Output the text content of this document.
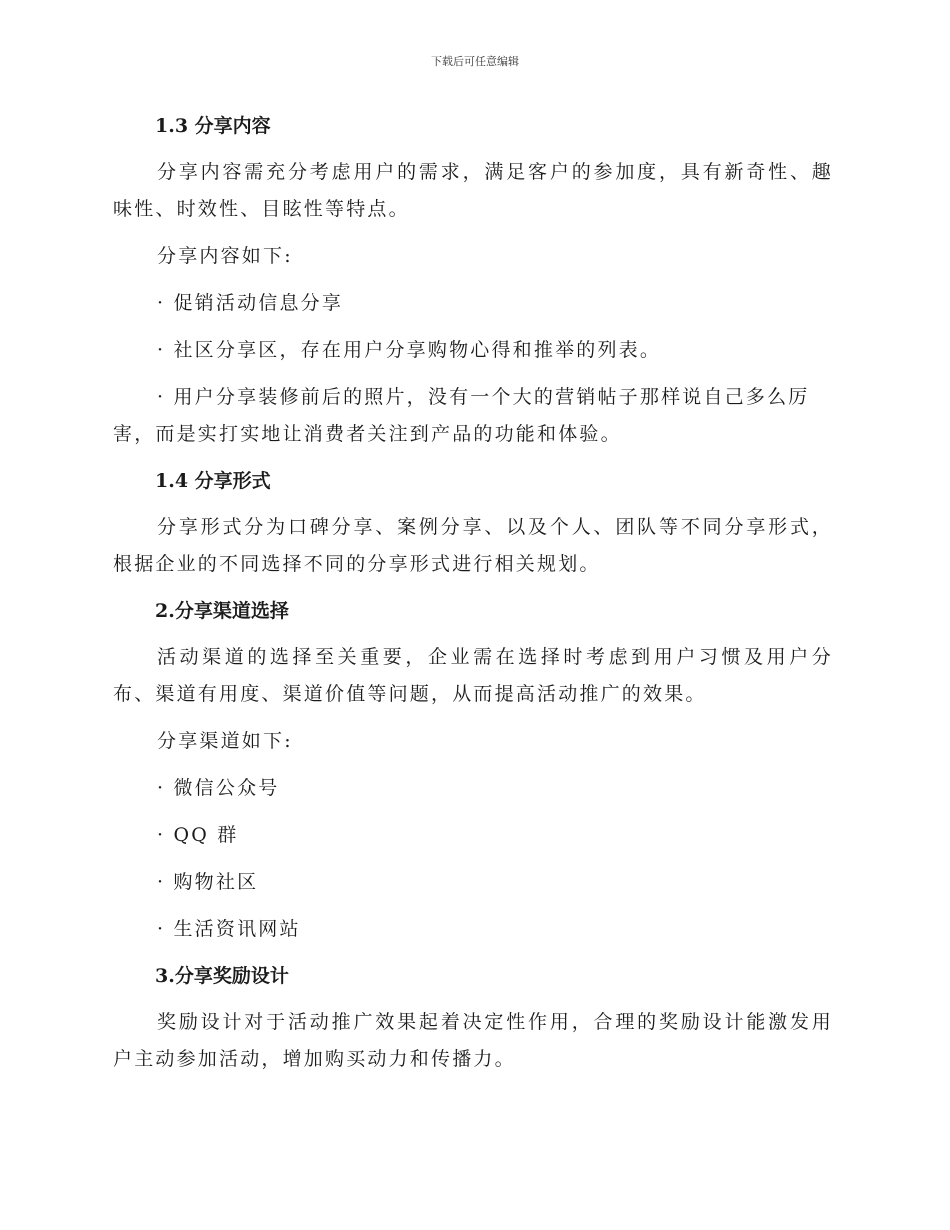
下载后可任意编辑
1.3 分享内容

分享内容需充分考虑用户的需求，满足客户的参加度，具有新奇性、趣味性、时效性、目眩性等特点。

分享内容如下:

· 促销活动信息分享

· 社区分享区，存在用户分享购物心得和推举的列表。

· 用户分享装修前后的照片，没有一个大的营销帖子那样说自己多么厉害，而是实打实地让消费者关注到产品的功能和体验。

1.4 分享形式

分享形式分为口碑分享、案例分享、以及个人、团队等不同分享形式，根据企业的不同选择不同的分享形式进行相关规划。

2.分享渠道选择

活动渠道的选择至关重要，企业需在选择时考虑到用户习惯及用户分布、渠道有用度、渠道价值等问题，从而提高活动推广的效果。

分享渠道如下:

· 微信公众号

· QQ 群

· 购物社区

· 生活资讯网站

3.分享奖励设计

奖励设计对于活动推广效果起着决定性作用，合理的奖励设计能激发用户主动参加活动，增加购买动力和传播力。
